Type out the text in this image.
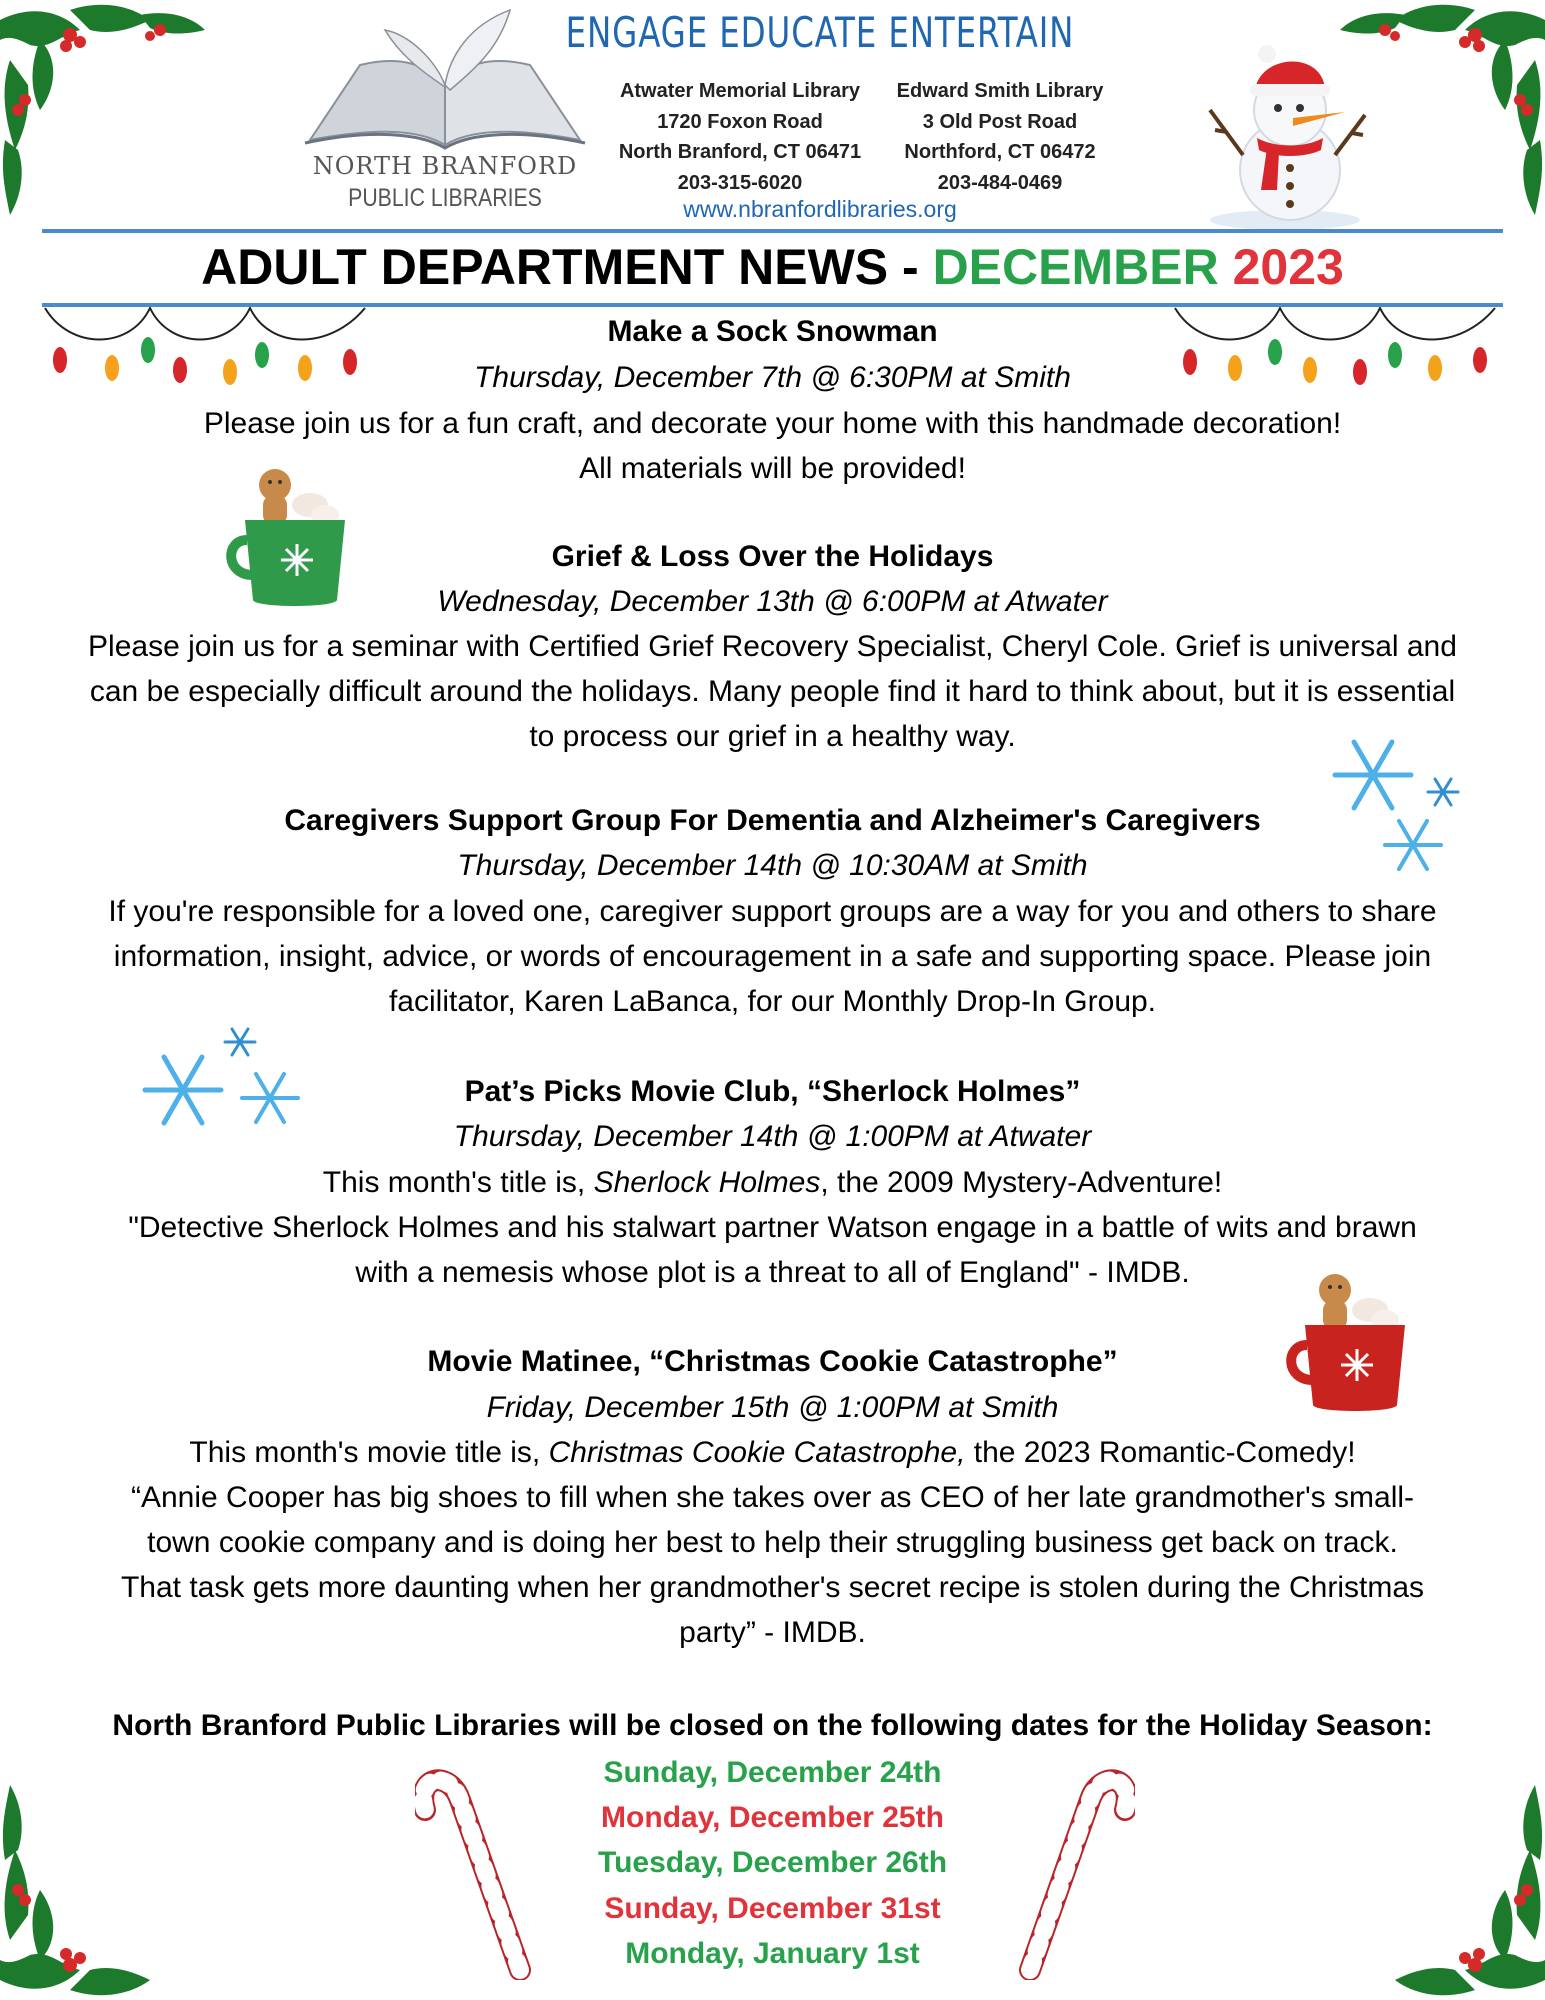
ENGAGE EDUCATE ENTERTAIN
NORTH BRANFORD
PUBLIC LIBRARIES
Atwater Memorial Library
1720 Foxon Road
North Branford, CT 06471
203-315-6020
Edward Smith Library
3 Old Post Road
Northford, CT 06472
203-484-0469
www.nbranfordlibraries.org
ADULT DEPARTMENT NEWS - DECEMBER 2023
Make a Sock Snowman
Thursday, December 7th @ 6:30PM at Smith
Please join us for a fun craft, and decorate your home with this handmade decoration!
All materials will be provided!
Grief & Loss Over the Holidays
Wednesday, December 13th @ 6:00PM at Atwater
Please join us for a seminar with Certified Grief Recovery Specialist, Cheryl Cole. Grief is universal and
can be especially difficult around the holidays. Many people find it hard to think about, but it is essential
to process our grief in a healthy way.
Caregivers Support Group For Dementia and Alzheimer's Caregivers
Thursday, December 14th @ 10:30AM at Smith
If you're responsible for a loved one, caregiver support groups are a way for you and others to share
information, insight, advice, or words of encouragement in a safe and supporting space. Please join
facilitator, Karen LaBanca, for our Monthly Drop-In Group.
Pat’s Picks Movie Club, “Sherlock Holmes”
Thursday, December 14th @ 1:00PM at Atwater
This month's title is, Sherlock Holmes, the 2009 Mystery-Adventure!
"Detective Sherlock Holmes and his stalwart partner Watson engage in a battle of wits and brawn
with a nemesis whose plot is a threat to all of England" - IMDB.
Movie Matinee, “Christmas Cookie Catastrophe”
Friday, December 15th @ 1:00PM at Smith
This month's movie title is, Christmas Cookie Catastrophe, the 2023 Romantic-Comedy!
“Annie Cooper has big shoes to fill when she takes over as CEO of her late grandmother's small-
town cookie company and is doing her best to help their struggling business get back on track.
That task gets more daunting when her grandmother's secret recipe is stolen during the Christmas
party” - IMDB.
North Branford Public Libraries will be closed on the following dates for the Holiday Season:
Sunday, December 24th
Monday, December 25th
Tuesday, December 26th
Sunday, December 31st
Monday, January 1st
